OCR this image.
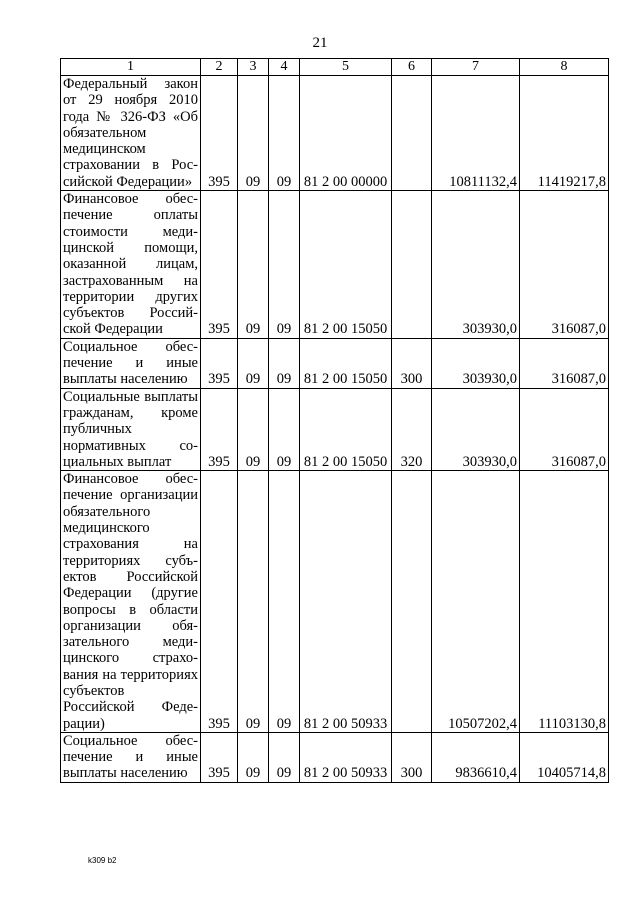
21
1	2	3	4	5	6	7	8
Федеральный закон от 29 ноября 2010 года № 326-ФЗ «Об обязательном медицинском страховании в Российской Федерации»	395	09	09	81 2 00 00000		10811132,4	11419217,8
Финансовое обеспечение оплаты стоимости медицинской помощи, оказанной лицам, застрахованным на территории других субъектов Российской Федерации	395	09	09	81 2 00 15050		303930,0	316087,0
Социальное обеспечение и иные выплаты населению	395	09	09	81 2 00 15050	300	303930,0	316087,0
Социальные выплаты гражданам, кроме публичных нормативных социальных выплат	395	09	09	81 2 00 15050	320	303930,0	316087,0
Финансовое обеспечение организации обязательного медицинского страхования на территориях субъектов Российской Федерации (другие вопросы в области организации обязательного медицинского страхования на территориях субъектов Российской Федерации)	395	09	09	81 2 00 50933		10507202,4	11103130,8
Социальное обеспечение и иные выплаты населению	395	09	09	81 2 00 50933	300	9836610,4	10405714,8
k309 b2
